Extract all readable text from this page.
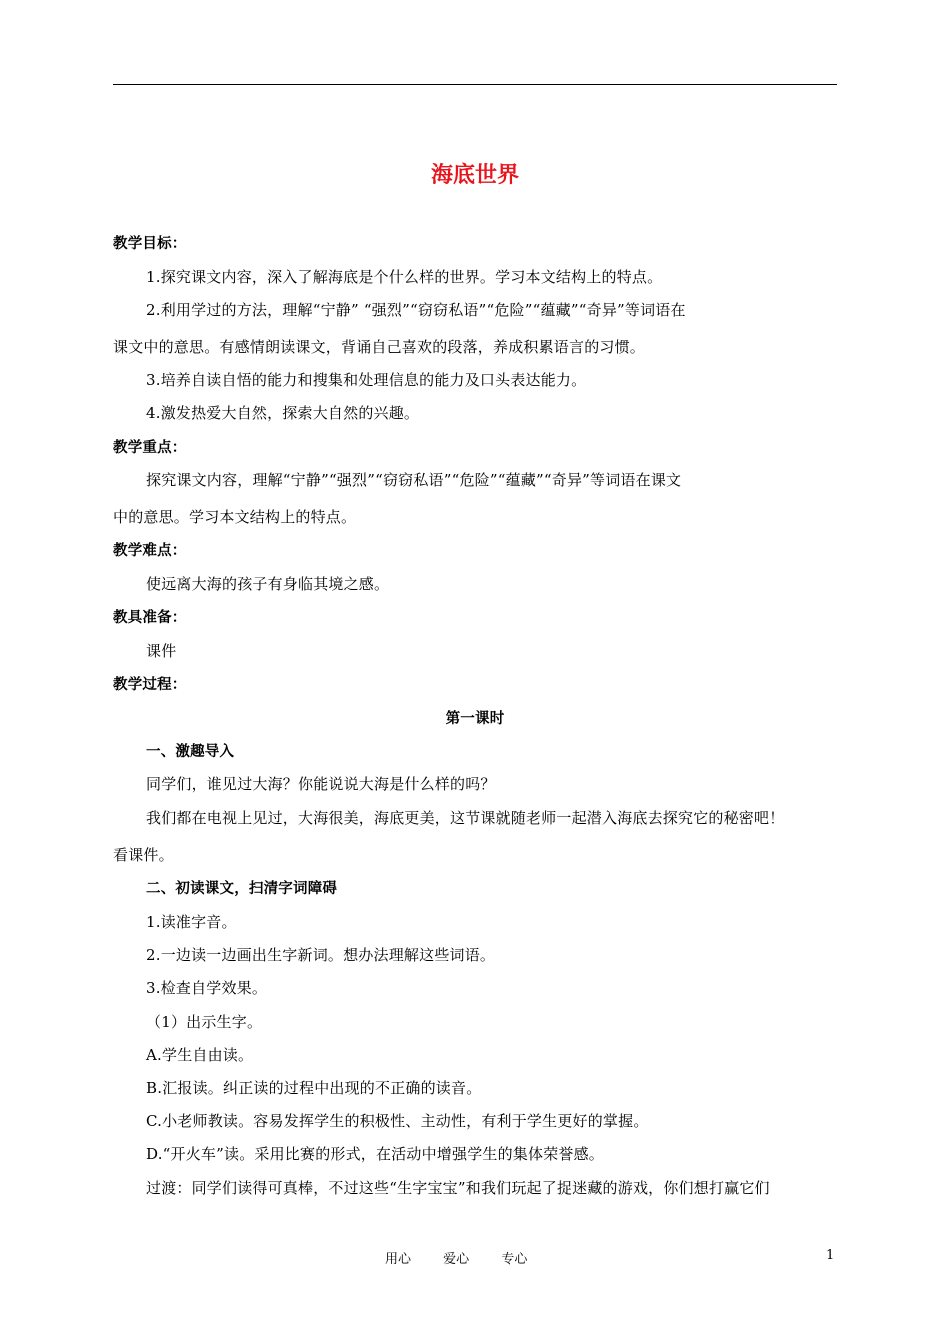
海底世界
教学目标：
1.探究课文内容，深入了解海底是个什么样的世界。学习本文结构上的特点。
2.利用学过的方法，理解“宁静” “强烈”“窃窃私语”“危险”“蕴藏”“奇异”等词语在
课文中的意思。有感情朗读课文，背诵自己喜欢的段落，养成积累语言的习惯。
3.培养自读自悟的能力和搜集和处理信息的能力及口头表达能力。
4.激发热爱大自然，探索大自然的兴趣。
教学重点：
探究课文内容，理解“宁静”“强烈”“窃窃私语”“危险”“蕴藏”“奇异”等词语在课文
中的意思。学习本文结构上的特点。
教学难点：
使远离大海的孩子有身临其境之感。
教具准备：
课件
教学过程：
第一课时
一、激趣导入
同学们，谁见过大海？你能说说大海是什么样的吗？
我们都在电视上见过，大海很美，海底更美，这节课就随老师一起潜入海底去探究它的秘密吧！
看课件。
二、初读课文，扫清字词障碍
1.读准字音。
2.一边读一边画出生字新词。想办法理解这些词语。
3.检查自学效果。
（1）出示生字。
A.学生自由读。
B.汇报读。纠正读的过程中出现的不正确的读音。
C.小老师教读。容易发挥学生的积极性、主动性，有利于学生更好的掌握。
D.“开火车”读。采用比赛的形式，在活动中增强学生的集体荣誉感。
过渡：同学们读得可真棒，不过这些“生字宝宝”和我们玩起了捉迷藏的游戏，你们想打赢它们
用心 爱心 专心	1
